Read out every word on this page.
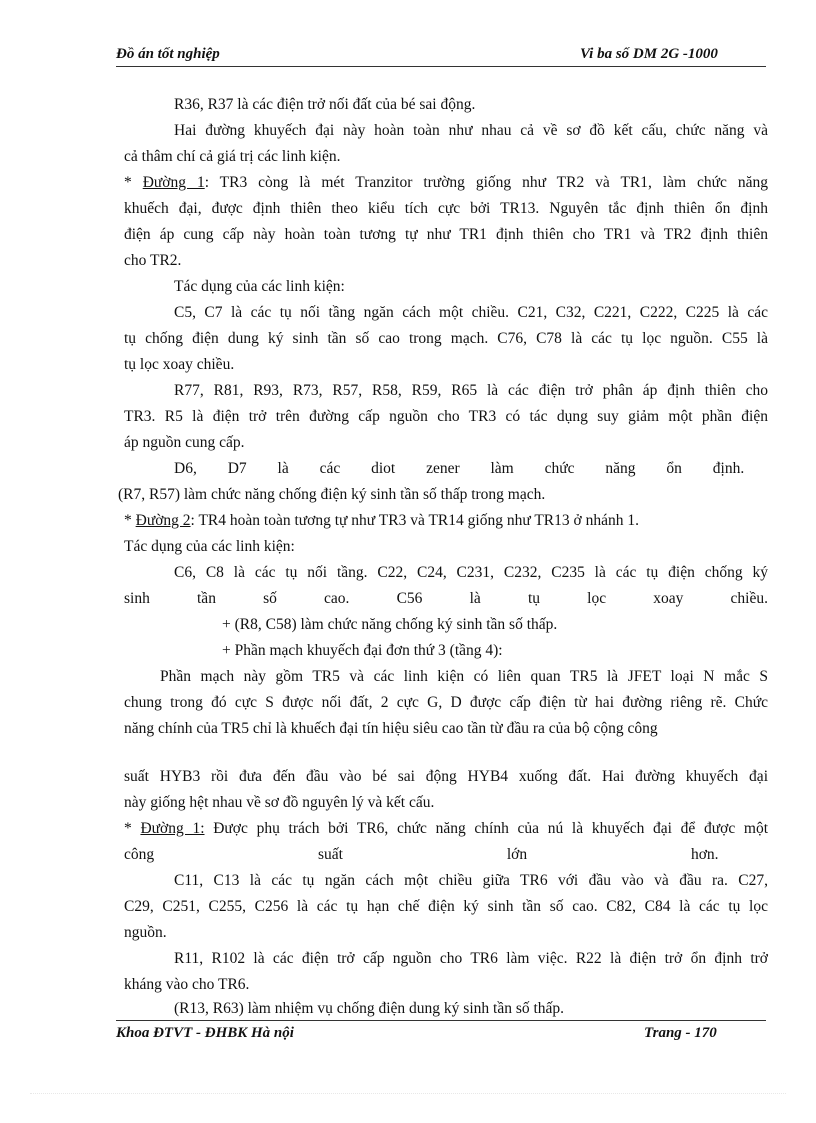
Đồ án tốt nghiệp	Vi ba số DM 2G -1000
R36, R37 là các điện trở nối đất của bé sai động.
Hai đường khuyếch đại này hoàn toàn như nhau cả về sơ đồ kết cấu, chức năng và
cả thâm chí cả giá trị các linh kiện.
* Đường 1: TR3 còng là mét Tranzitor trường giống như TR2 và TR1, làm chức năng
khuếch đại, được định thiên theo kiểu tích cực bởi TR13. Nguyên tắc định thiên ổn định
điện áp cung cấp này hoàn toàn tương tự như TR1 định thiên cho TR1 và TR2 định thiên
cho TR2.
Tác dụng của các linh kiện:
C5, C7 là các tụ nối tầng ngăn cách một chiều. C21, C32, C221, C222, C225 là các
tụ chống điện dung ký sinh tần số cao trong mạch. C76, C78 là các tụ lọc nguồn. C55 là
tụ lọc xoay chiều.
R77, R81, R93, R73, R57, R58, R59, R65 là các điện trở phân áp định thiên cho
TR3. R5 là điện trở trên đường cấp nguồn cho TR3 có tác dụng suy giảm một phần điện
áp nguồn cung cấp.
D6, D7 là các diot zener làm chức năng ổn định.
(R7, R57) làm chức năng chống điện ký sinh tần số thấp trong mạch.
* Đường 2: TR4 hoàn toàn tương tự như TR3 và TR14 giống như TR13 ở nhánh 1.
Tác dụng của các linh kiện:
C6, C8 là các tụ nối tầng. C22, C24, C231, C232, C235 là các tụ điện chống ký
sinh tần số cao. C56 là tụ lọc xoay chiều.
+ (R8, C58) làm chức năng chống ký sinh tần số thấp.
+ Phần mạch khuyếch đại đơn thứ 3 (tầng 4):
Phần mạch này gồm TR5 và các linh kiện có liên quan TR5 là JFET loại N mắc S
chung trong đó cực S được nối đất, 2 cực G, D được cấp điện từ hai đường riêng rẽ. Chức
năng chính của TR5 chỉ là khuếch đại tín hiệu siêu cao tần từ đầu ra của bộ cộng công
suất HYB3 rồi đưa đến đầu vào bé sai động HYB4 xuống đất. Hai đường khuyếch đại
này giống hệt nhau về sơ đồ nguyên lý và kết cấu.
* Đường 1: Được phụ trách bởi TR6, chức năng chính của nú là khuyếch đại để được một
công suất lớn hơn.
C11, C13 là các tụ ngăn cách một chiều giữa TR6 với đầu vào và đầu ra. C27,
C29, C251, C255, C256 là các tụ hạn chế điện ký sinh tần số cao. C82, C84 là các tụ lọc
nguồn.
R11, R102 là các điện trở cấp nguồn cho TR6 làm việc. R22 là điện trở ổn định trở
kháng vào cho TR6.
(R13, R63) làm nhiệm vụ chống điện dung ký sinh tần số thấp.
Khoa ĐTVT - ĐHBK Hà nội	Trang - 170
